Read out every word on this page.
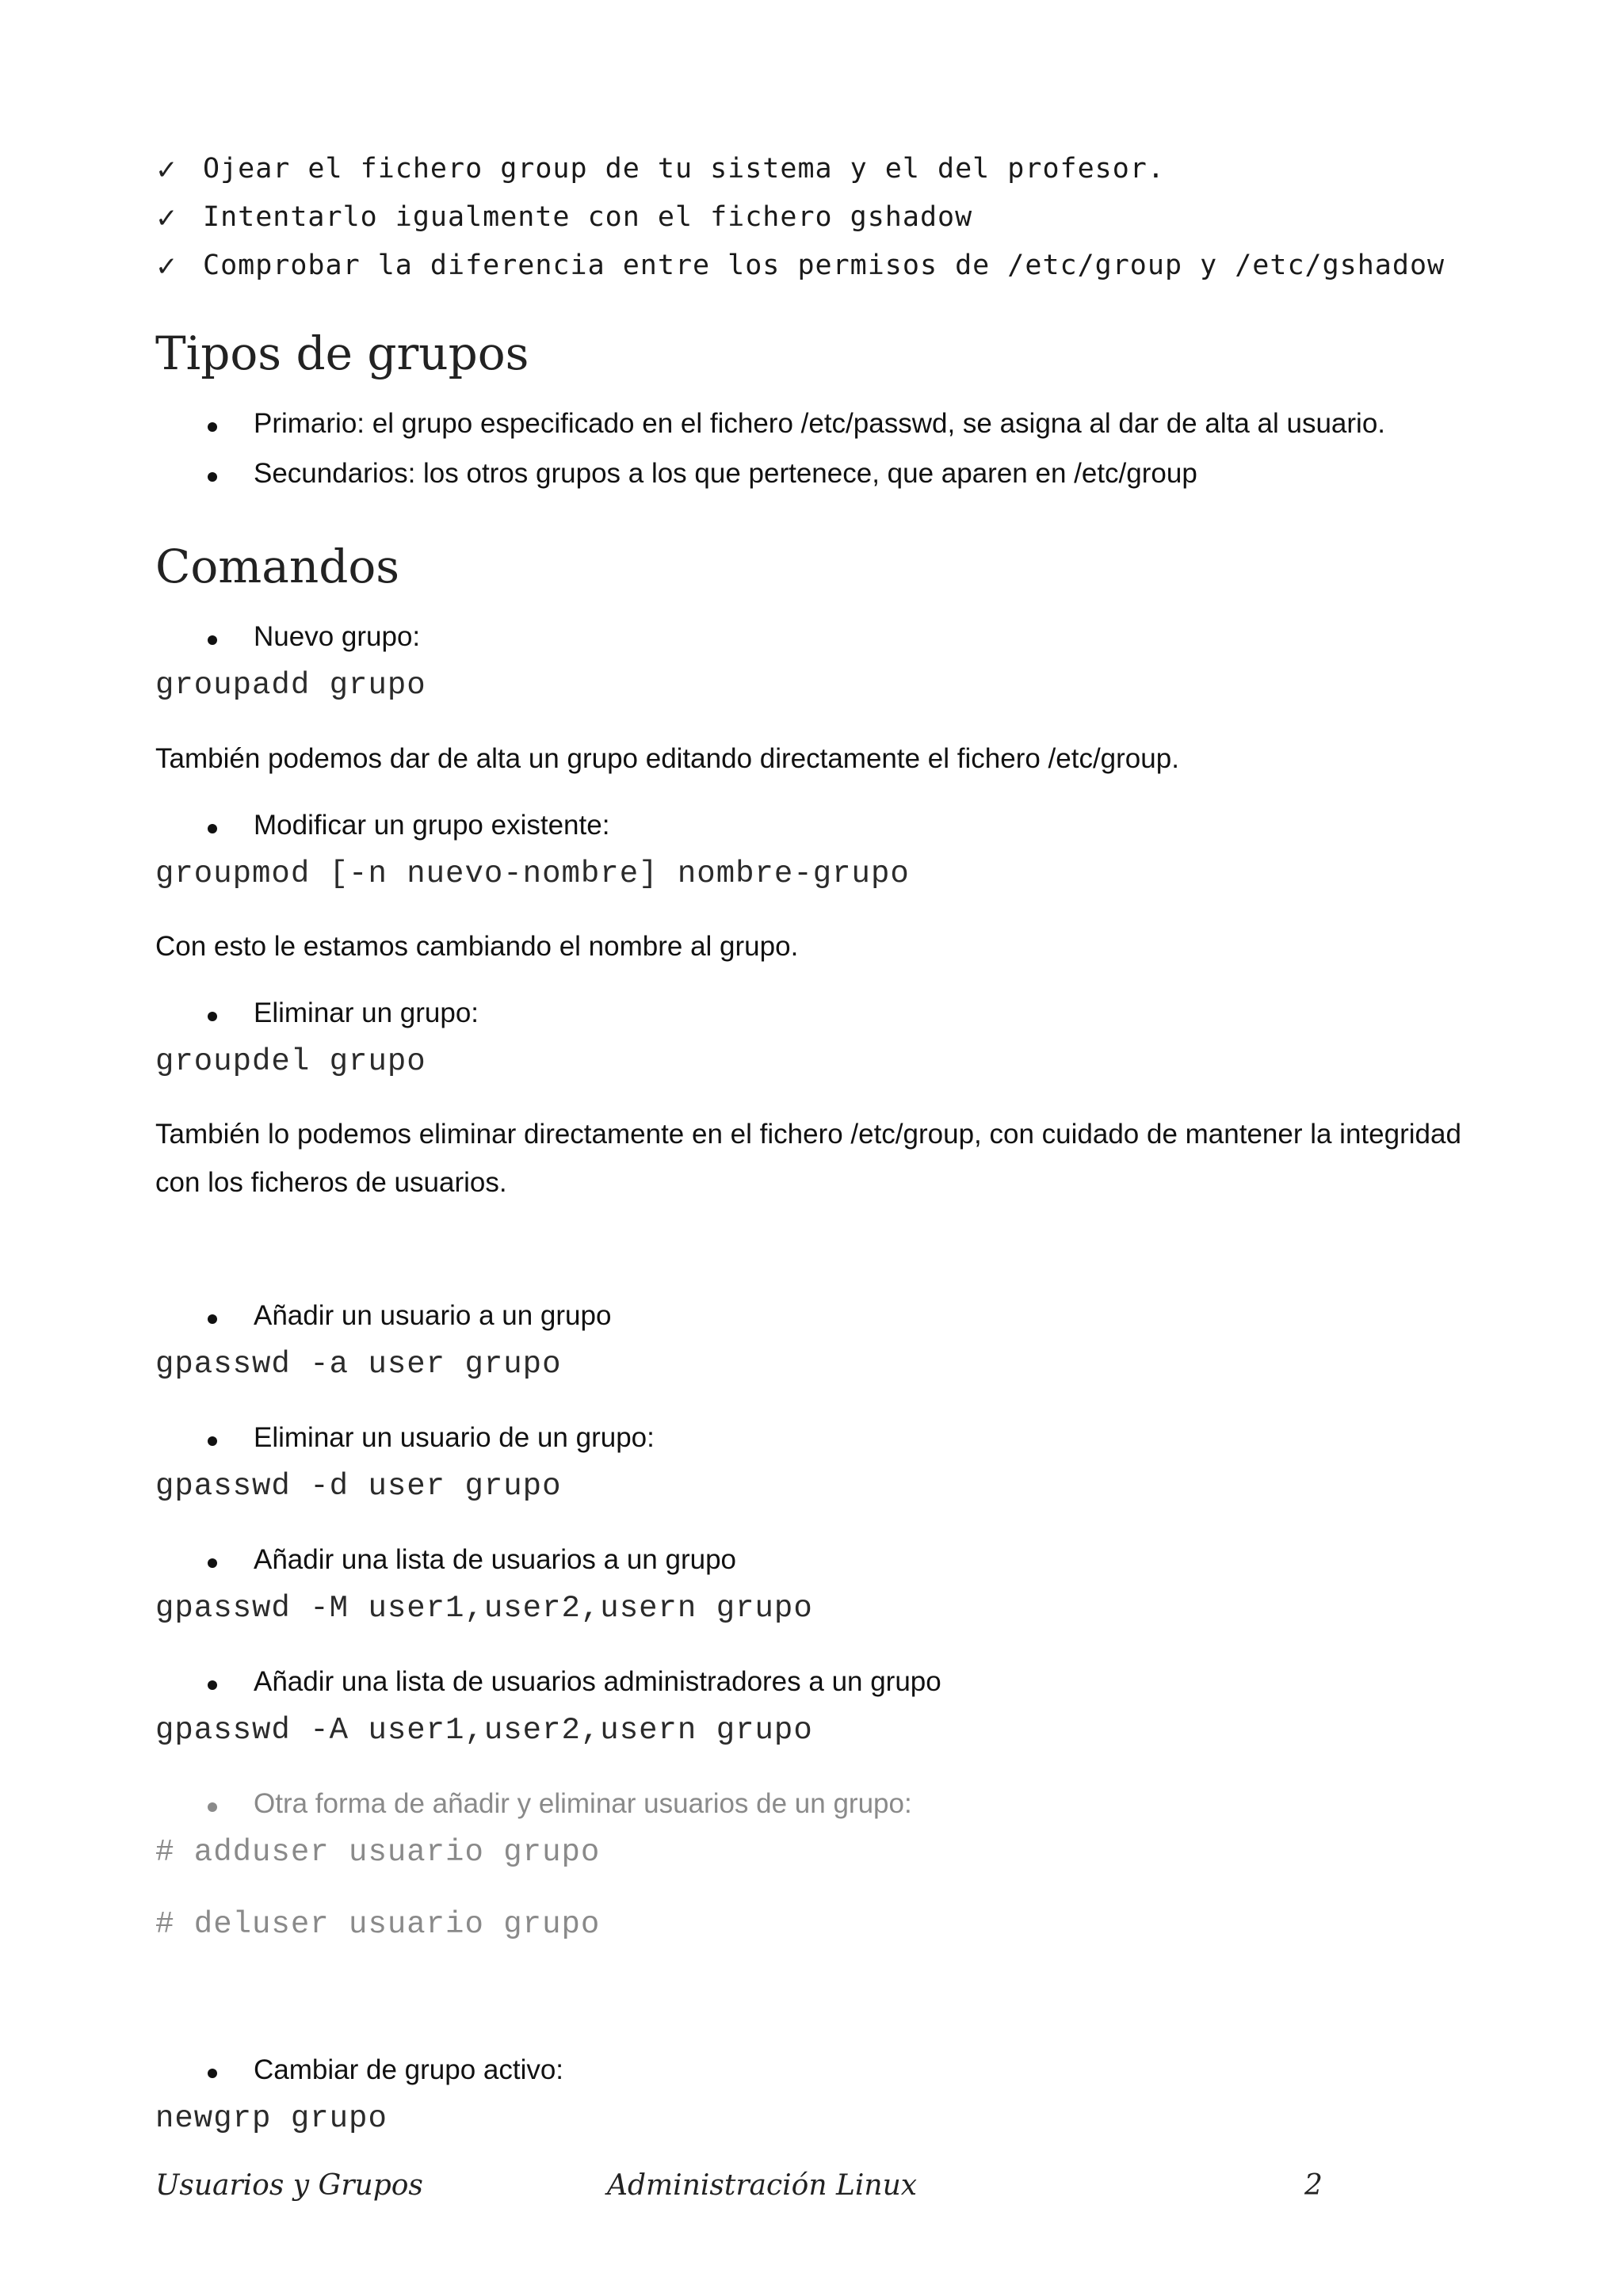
✓ Ojear el fichero group de tu sistema y el del profesor.
✓ Intentarlo igualmente con el fichero gshadow
✓ Comprobar la diferencia entre los permisos de /etc/group y /etc/gshadow
Tipos de grupos
Primario: el grupo especificado en el fichero /etc/passwd, se asigna al dar de alta al usuario.
Secundarios: los otros grupos a los que pertenece, que aparen en /etc/group
Comandos
Nuevo grupo:
groupadd grupo
También podemos dar de alta un grupo editando directamente el fichero /etc/group.
Modificar un grupo existente:
groupmod [-n nuevo-nombre] nombre-grupo
Con esto le estamos cambiando el nombre al grupo.
Eliminar un grupo:
groupdel grupo
También lo podemos eliminar directamente en el fichero /etc/group, con cuidado de mantener la integridad con los ficheros de usuarios.
Añadir un usuario a un grupo
gpasswd -a user grupo
Eliminar un usuario de un grupo:
gpasswd -d user grupo
Añadir una lista de usuarios a un grupo
gpasswd -M user1,user2,usern grupo
Añadir una lista de usuarios administradores a un grupo
gpasswd -A user1,user2,usern grupo
Otra forma de añadir y eliminar usuarios de un grupo:
# adduser usuario grupo
# deluser usuario grupo
Cambiar de grupo activo:
newgrp grupo
Usuarios y Grupos	Administración Linux	2
